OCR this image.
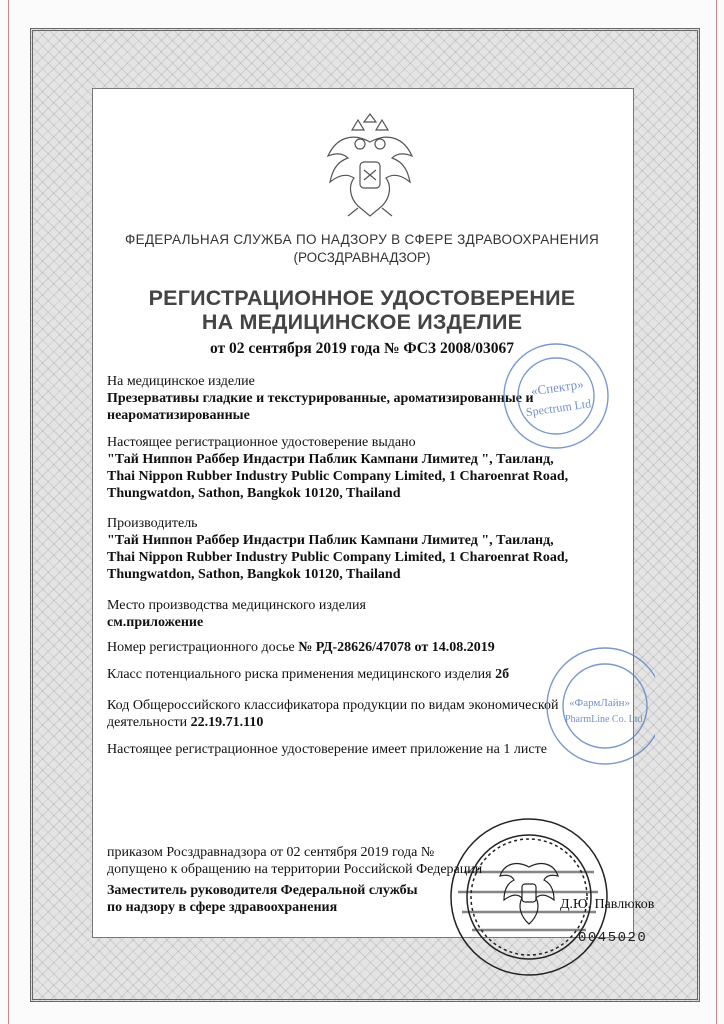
ФЕДЕРАЛЬНАЯ СЛУЖБА ПО НАДЗОРУ В СФЕРЕ ЗДРАВООХРАНЕНИЯ
(РОСЗДРАВНАДЗОР)
РЕГИСТРАЦИОННОЕ УДОСТОВЕРЕНИЕ
НА МЕДИЦИНСКОЕ ИЗДЕЛИЕ
от 02 сентября 2019 года № ФСЗ 2008/03067
На медицинское изделие
Презервативы гладкие и текстурированные, ароматизированные и
неароматизированные
Настоящее регистрационное удостоверение выдано
"Тай Ниппон Раббер Индастри Паблик Кампани Лимитед ", Таиланд,
Thai Nippon Rubber Industry Public Company Limited, 1 Charoenrat Road,
Thungwatdon, Sathon, Bangkok 10120, Thailand
Производитель
"Тай Ниппон Раббер Индастри Паблик Кампани Лимитед ", Таиланд,
Thai Nippon Rubber Industry Public Company Limited, 1 Charoenrat Road,
Thungwatdon, Sathon, Bangkok 10120, Thailand
Место производства медицинского изделия
см.приложение
Номер регистрационного досье № РД-28626/47078 от 14.08.2019
Класс потенциального риска применения медицинского изделия 2б
Код Общероссийского классификатора продукции по видам экономической
деятельности 22.19.71.110
Настоящее регистрационное удостоверение имеет приложение на 1 листе
приказом Росздравнадзора от 02 сентября 2019 года №
допущено к обращению на территории Российской Федерации
Заместитель руководителя Федеральной службы
по надзору в сфере здравоохранения	Д.Ю. Павлюков
«Спектр»
Spectrum Ltd
«ФармЛайн»
PharmLine Co. Ltd
0045020
